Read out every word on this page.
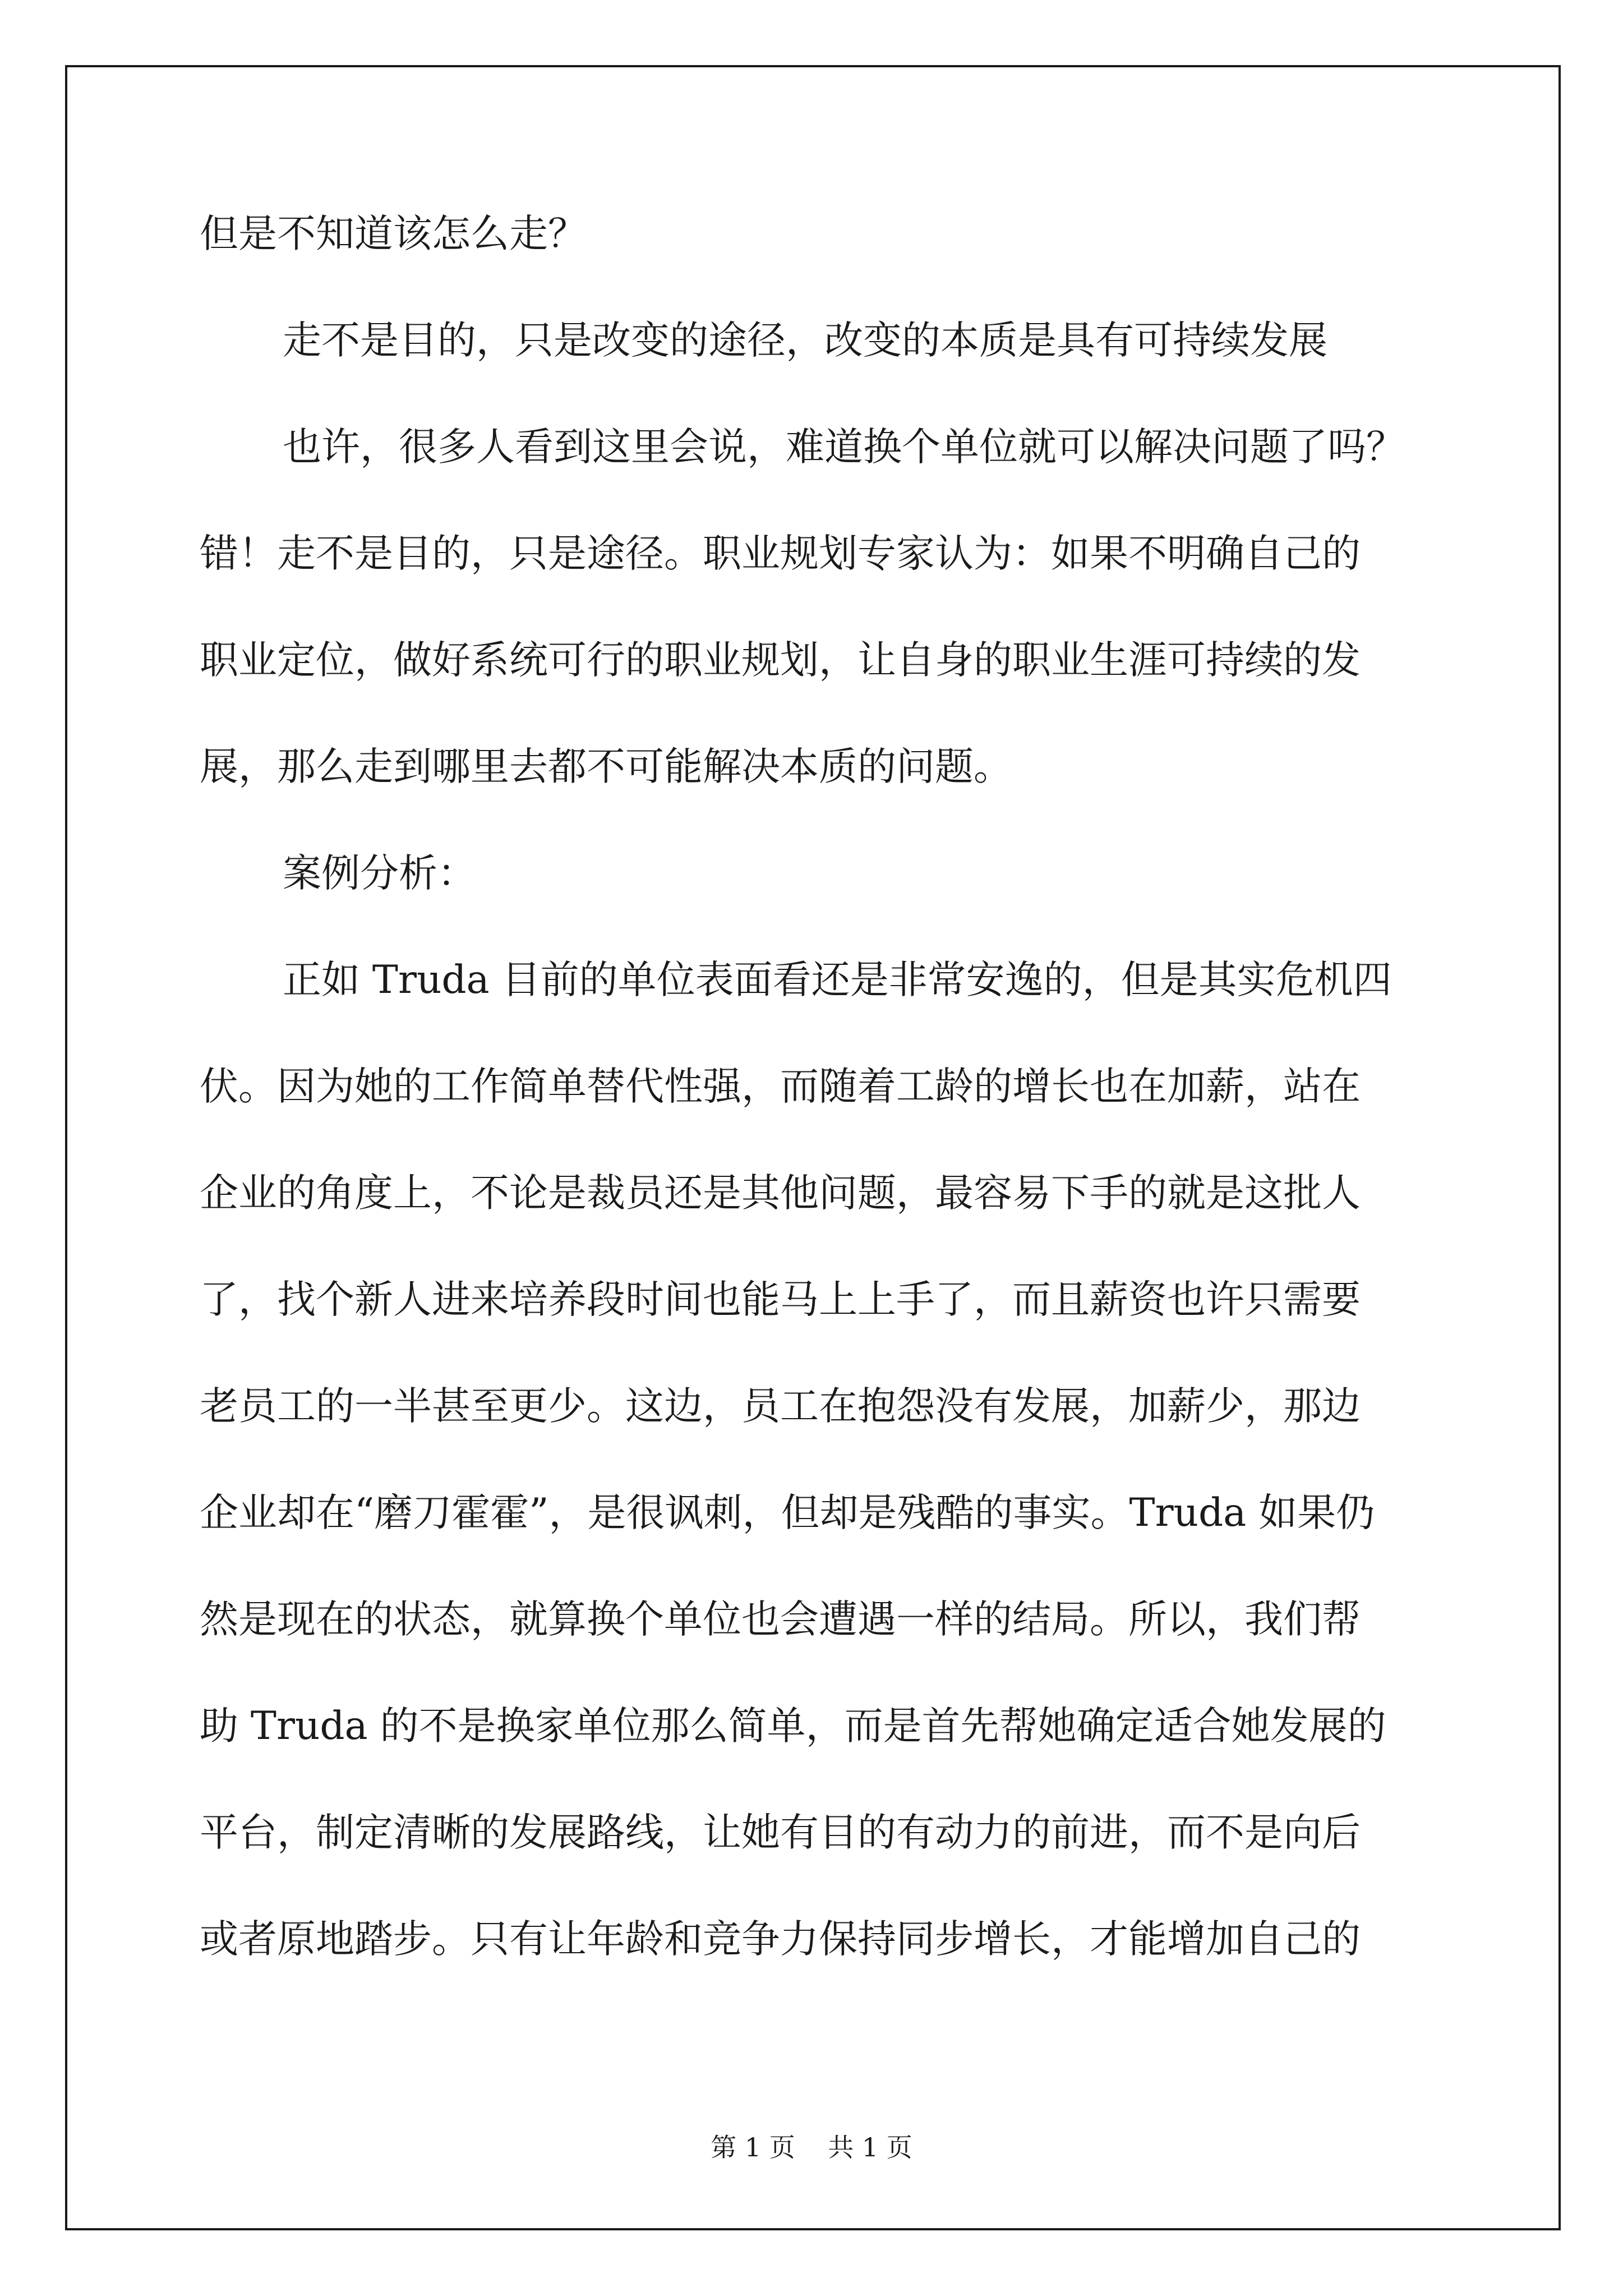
但是不知道该怎么走？
走不是目的，只是改变的途径，改变的本质是具有可持续发展
也许，很多人看到这里会说，难道换个单位就可以解决问题了吗？
错！走不是目的，只是途径。职业规划专家认为：如果不明确自己的
职业定位，做好系统可行的职业规划，让自身的职业生涯可持续的发
展，那么走到哪里去都不可能解决本质的问题。
案例分析：
正如 Truda 目前的单位表面看还是非常安逸的，但是其实危机四
伏。因为她的工作简单替代性强，而随着工龄的增长也在加薪，站在
企业的角度上，不论是裁员还是其他问题，最容易下手的就是这批人
了，找个新人进来培养段时间也能马上上手了，而且薪资也许只需要
老员工的一半甚至更少。这边，员工在抱怨没有发展，加薪少，那边
企业却在“磨刀霍霍”，是很讽刺，但却是残酷的事实。Truda 如果仍
然是现在的状态，就算换个单位也会遭遇一样的结局。所以，我们帮
助 Truda 的不是换家单位那么简单，而是首先帮她确定适合她发展的
平台，制定清晰的发展路线，让她有目的有动力的前进，而不是向后
或者原地踏步。只有让年龄和竞争力保持同步增长，才能增加自己的
第 1 页    共 1 页
